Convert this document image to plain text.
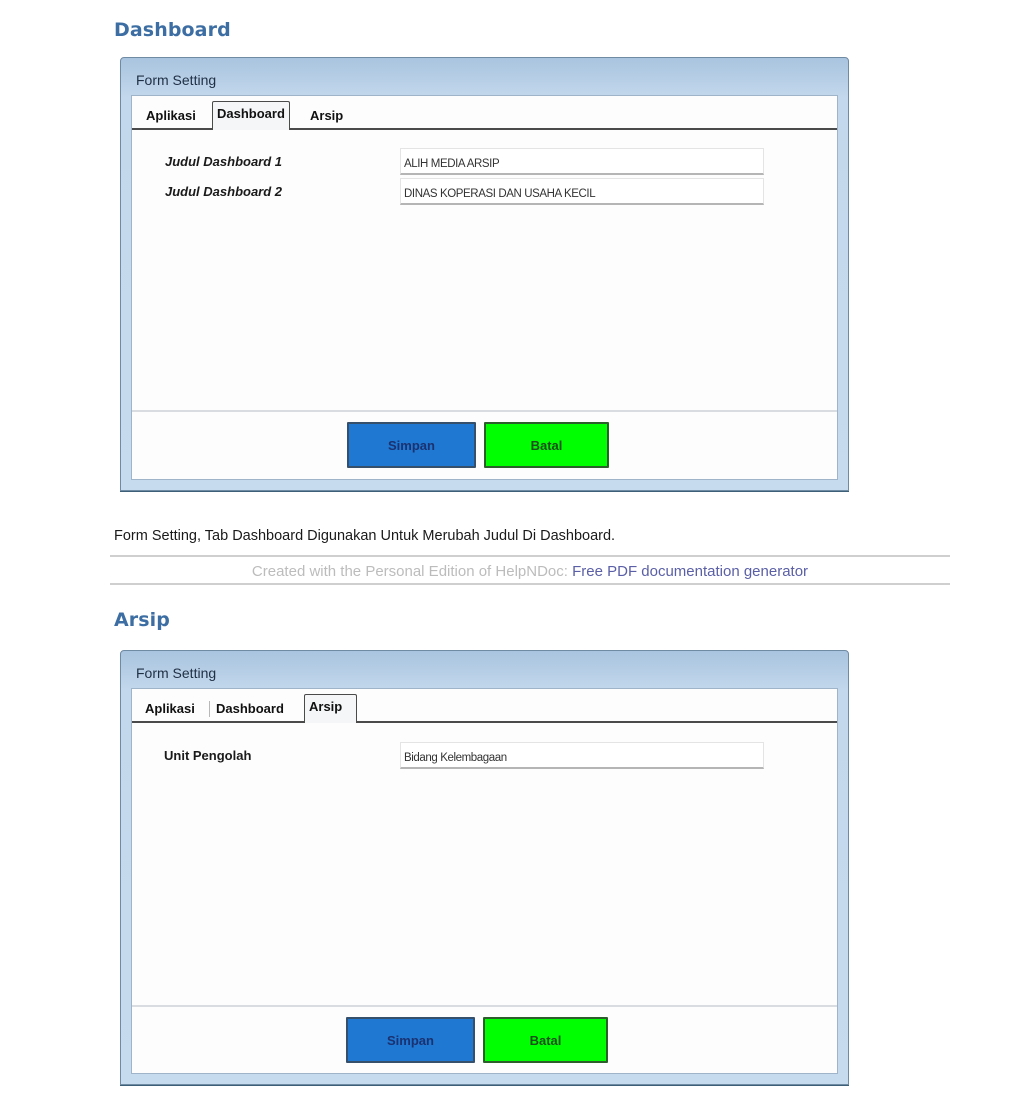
Dashboard
Form Setting
Aplikasi	Dashboard	Arsip
Judul Dashboard 1
ALIH MEDIA ARSIP
Judul Dashboard 2
DINAS KOPERASI DAN USAHA KECIL
Simpan	Batal
Form Setting, Tab Dashboard Digunakan Untuk Merubah Judul Di Dashboard.
Created with the Personal Edition of HelpNDoc: Free PDF documentation generator
Arsip
Form Setting
Aplikasi	Dashboard	Arsip
Unit Pengolah
Bidang Kelembagaan
Simpan	Batal
